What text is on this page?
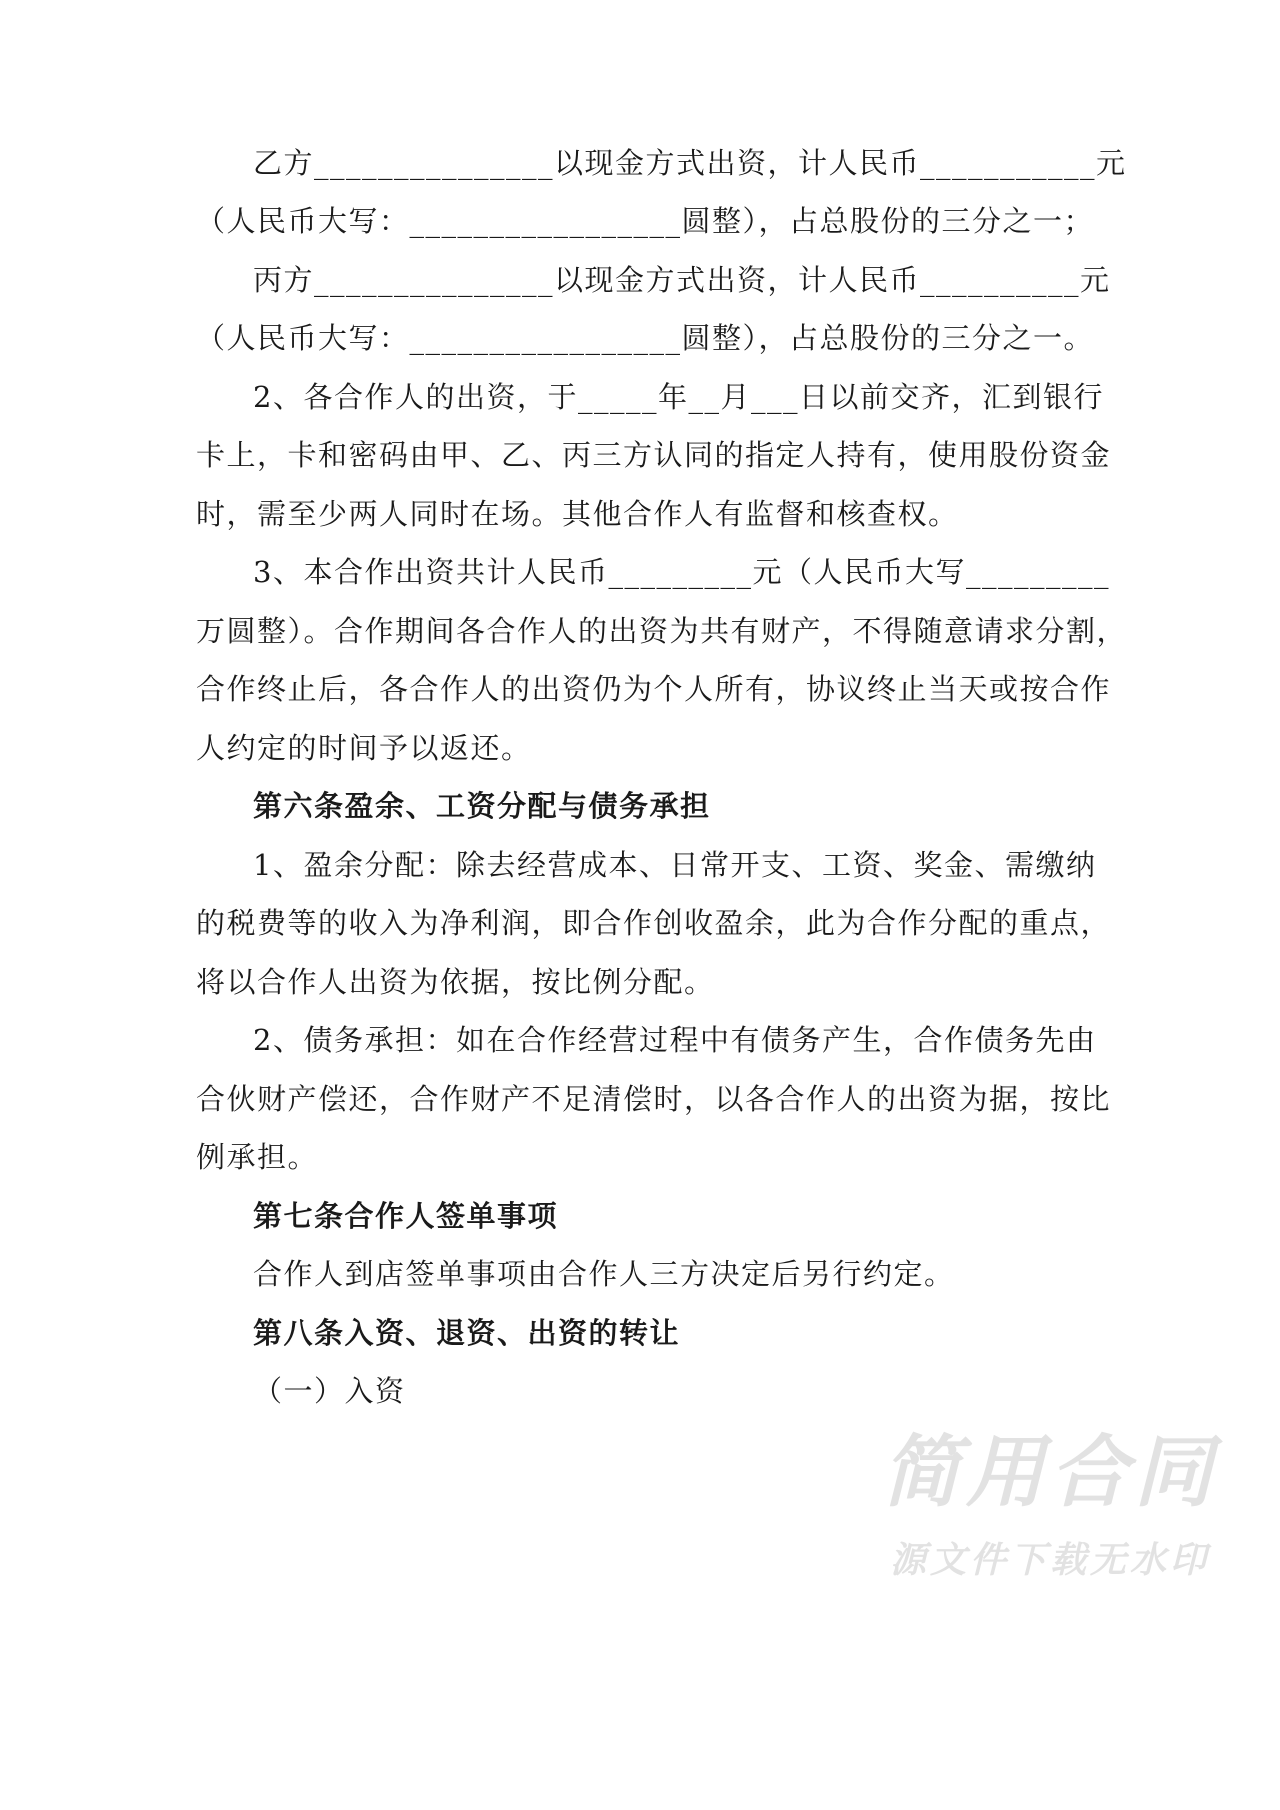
乙方_______________以现金方式出资，计人民币___________元
（人民币大写：_________________圆整），占总股份的三分之一；
丙方_______________以现金方式出资，计人民币__________元
（人民币大写：_________________圆整），占总股份的三分之一。
2、各合作人的出资，于_____年__月___日以前交齐，汇到银行
卡上，卡和密码由甲、乙、丙三方认同的指定人持有，使用股份资金
时，需至少两人同时在场。其他合作人有监督和核查权。
3、本合作出资共计人民币_________元（人民币大写_________
万圆整）。合作期间各合作人的出资为共有财产，不得随意请求分割，
合作终止后，各合作人的出资仍为个人所有，协议终止当天或按合作
人约定的时间予以返还。
第六条盈余、工资分配与债务承担
1、盈余分配：除去经营成本、日常开支、工资、奖金、需缴纳
的税费等的收入为净利润，即合作创收盈余，此为合作分配的重点，
将以合作人出资为依据，按比例分配。
2、债务承担：如在合作经营过程中有债务产生，合作债务先由
合伙财产偿还，合作财产不足清偿时，以各合作人的出资为据，按比
例承担。
第七条合作人签单事项
合作人到店签单事项由合作人三方决定后另行约定。
第八条入资、退资、出资的转让
（一）入资
简用合同
源文件下载无水印
